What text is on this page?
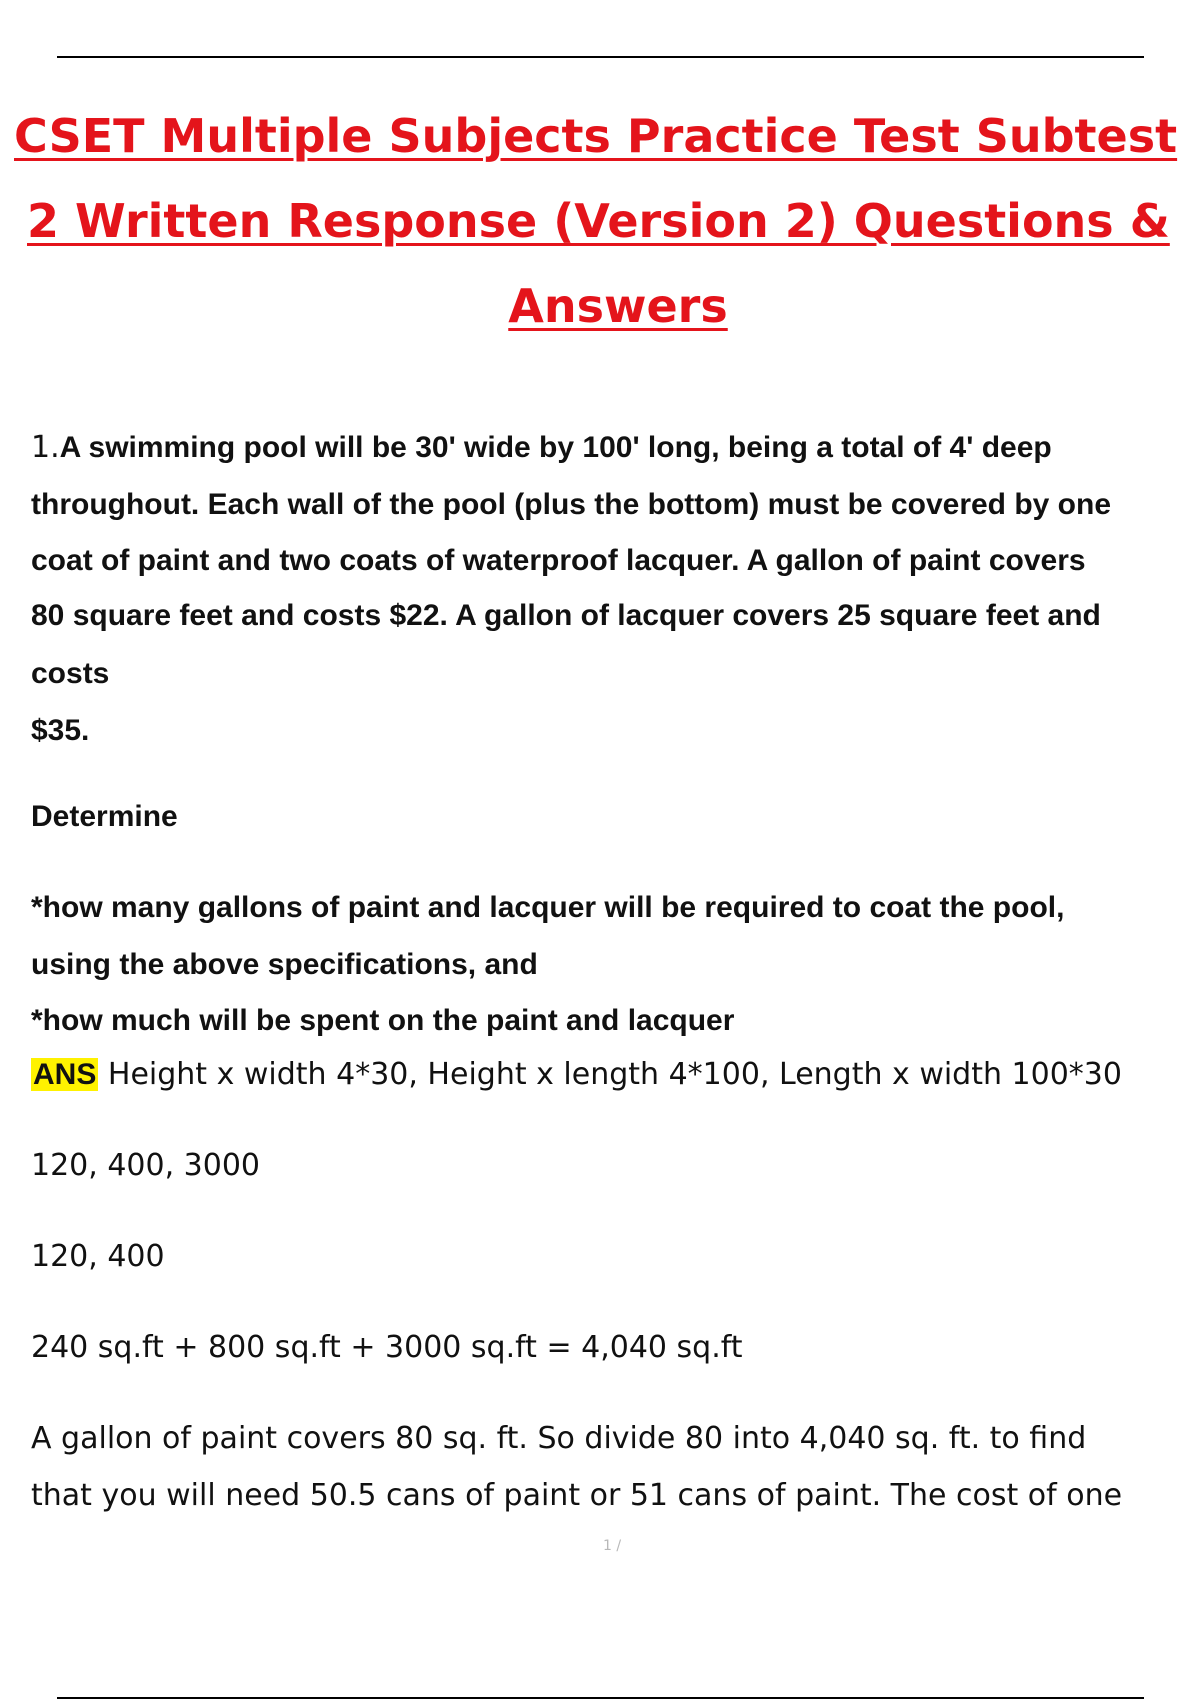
CSET Multiple Subjects Practice Test Subtest
2 Written Response (Version 2) Questions &
Answers

1.A swimming pool will be 30' wide by 100' long, being a total of 4' deep

throughout. Each wall of the pool (plus the bottom) must be covered by one

coat of paint and two coats of waterproof lacquer. A gallon of paint covers

80 square feet and costs $22. A gallon of lacquer covers 25 square feet and

costs

$35.

Determine

*how many gallons of paint and lacquer will be required to coat the pool,

using the above specifications, and

*how much will be spent on the paint and lacquer

ANS Height x width 4*30, Height x length 4*100, Length x width 100*30

120, 400, 3000

120, 400

240 sq.ft + 800 sq.ft + 3000 sq.ft = 4,040 sq.ft

A gallon of paint covers 80 sq. ft. So divide 80 into 4,040 sq. ft. to find

that you will need 50.5 cans of paint or 51 cans of paint. The cost of one

1 /
